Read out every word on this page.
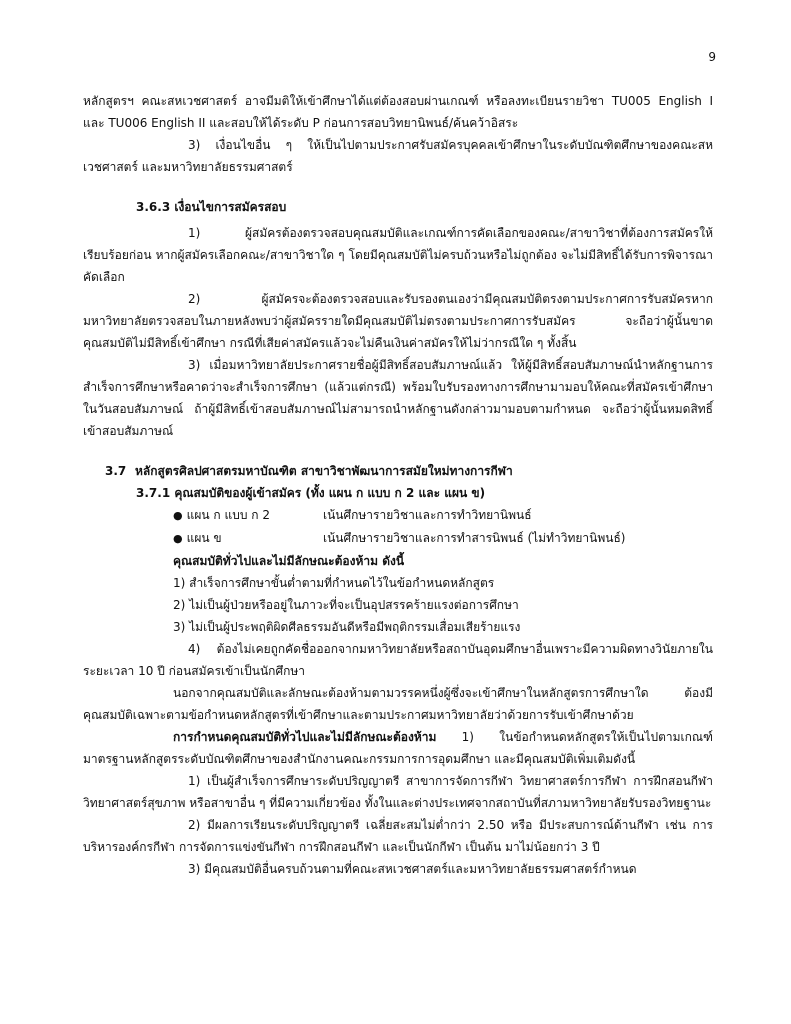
9

หลักสูตรฯ คณะสหเวชศาสตร์ อาจมีมติให้เข้าศึกษาได้แต่ต้องสอบผ่านเกณฑ์ หรือลงทะเบียนรายวิชา TU005 English I และ TU006 English II และสอบให้ได้ระดับ P ก่อนการสอบวิทยานิพนธ์/ค้นคว้าอิสระ

3) เงื่อนไขอื่น ๆ ให้เป็นไปตามประกาศรับสมัครบุคคลเข้าศึกษาในระดับบัณฑิตศึกษาของคณะสหเวชศาสตร์ และมหาวิทยาลัยธรรมศาสตร์

3.6.3 เงื่อนไขการสมัครสอบ

1) ผู้สมัครต้องตรวจสอบคุณสมบัติและเกณฑ์การคัดเลือกของคณะ/สาขาวิชาที่ต้องการสมัครให้เรียบร้อยก่อน หากผู้สมัครเลือกคณะ/สาขาวิชาใด ๆ โดยมีคุณสมบัติไม่ครบถ้วนหรือไม่ถูกต้อง จะไม่มีสิทธิ์ได้รับการพิจารณาคัดเลือก

2) ผู้สมัครจะต้องตรวจสอบและรับรองตนเองว่ามีคุณสมบัติตรงตามประกาศการรับสมัครหากมหาวิทยาลัยตรวจสอบในภายหลังพบว่าผู้สมัครรายใดมีคุณสมบัติไม่ตรงตามประกาศการรับสมัคร จะถือว่าผู้นั้นขาดคุณสมบัติไม่มีสิทธิ์เข้าศึกษา กรณีที่เสียค่าสมัครแล้วจะไม่คืนเงินค่าสมัครให้ไม่ว่ากรณีใด ๆ ทั้งสิ้น

3) เมื่อมหาวิทยาลัยประกาศรายชื่อผู้มีสิทธิ์สอบสัมภาษณ์แล้ว ให้ผู้มีสิทธิ์สอบสัมภาษณ์นำหลักฐานการสำเร็จการศึกษาหรือคาดว่าจะสำเร็จการศึกษา (แล้วแต่กรณี) พร้อมใบรับรองทางการศึกษามามอบให้คณะที่สมัครเข้าศึกษาในวันสอบสัมภาษณ์ ถ้าผู้มีสิทธิ์เข้าสอบสัมภาษณ์ไม่สามารถนำหลักฐานดังกล่าวมามอบตามกำหนด จะถือว่าผู้นั้นหมดสิทธิ์เข้าสอบสัมภาษณ์

3.7 หลักสูตรศิลปศาสตรมหาบัณฑิต สาขาวิชาพัฒนาการสมัยใหม่ทางการกีฬา
3.7.1 คุณสมบัติของผู้เข้าสมัคร (ทั้ง แผน ก แบบ ก 2 และ แผน ข)
● แผน ก แบบ ก 2	เน้นศึกษารายวิชาและการทำวิทยานิพนธ์
● แผน ข	เน้นศึกษารายวิชาและการทำสารนิพนธ์ (ไม่ทำวิทยานิพนธ์)
คุณสมบัติทั่วไปและไม่มีลักษณะต้องห้าม ดังนี้
1) สำเร็จการศึกษาขั้นต่ำตามที่กำหนดไว้ในข้อกำหนดหลักสูตร
2) ไม่เป็นผู้ป่วยหรืออยู่ในภาวะที่จะเป็นอุปสรรคร้ายแรงต่อการศึกษา
3) ไม่เป็นผู้ประพฤติผิดศีลธรรมอันดีหรือมีพฤติกรรมเสื่อมเสียร้ายแรง

4) ต้องไม่เคยถูกคัดชื่อออกจากมหาวิทยาลัยหรือสถาบันอุดมศึกษาอื่นเพราะมีความผิดทางวินัยภายในระยะเวลา 10 ปี ก่อนสมัครเข้าเป็นนักศึกษา

นอกจากคุณสมบัติและลักษณะต้องห้ามตามวรรคหนึ่งผู้ซึ่งจะเข้าศึกษาในหลักสูตรการศึกษาใด ต้องมีคุณสมบัติเฉพาะตามข้อกำหนดหลักสูตรที่เข้าศึกษาและตามประกาศมหาวิทยาลัยว่าด้วยการรับเข้าศึกษาด้วย

การกำหนดคุณสมบัติทั่วไปและไม่มีลักษณะต้องห้าม 1) ในข้อกำหนดหลักสูตรให้เป็นไปตามเกณฑ์มาตรฐานหลักสูตรระดับบัณฑิตศึกษาของสำนักงานคณะกรรมการการอุดมศึกษา และมีคุณสมบัติเพิ่มเติมดังนี้

1) เป็นผู้สำเร็จการศึกษาระดับปริญญาตรี สาขาการจัดการกีฬา วิทยาศาสตร์การกีฬา การฝึกสอนกีฬา วิทยาศาสตร์สุขภาพ หรือสาขาอื่น ๆ ที่มีความเกี่ยวข้อง ทั้งในและต่างประเทศจากสถาบันที่สภามหาวิทยาลัยรับรองวิทยฐานะ

2) มีผลการเรียนระดับปริญญาตรี เฉลี่ยสะสมไม่ต่ำกว่า 2.50 หรือ มีประสบการณ์ด้านกีฬา เช่น การบริหารองค์กรกีฬา การจัดการแข่งขันกีฬา การฝึกสอนกีฬา และเป็นนักกีฬา เป็นต้น มาไม่น้อยกว่า 3 ปี

3) มีคุณสมบัติอื่นครบถ้วนตามที่คณะสหเวชศาสตร์และมหาวิทยาลัยธรรมศาสตร์กำหนด
